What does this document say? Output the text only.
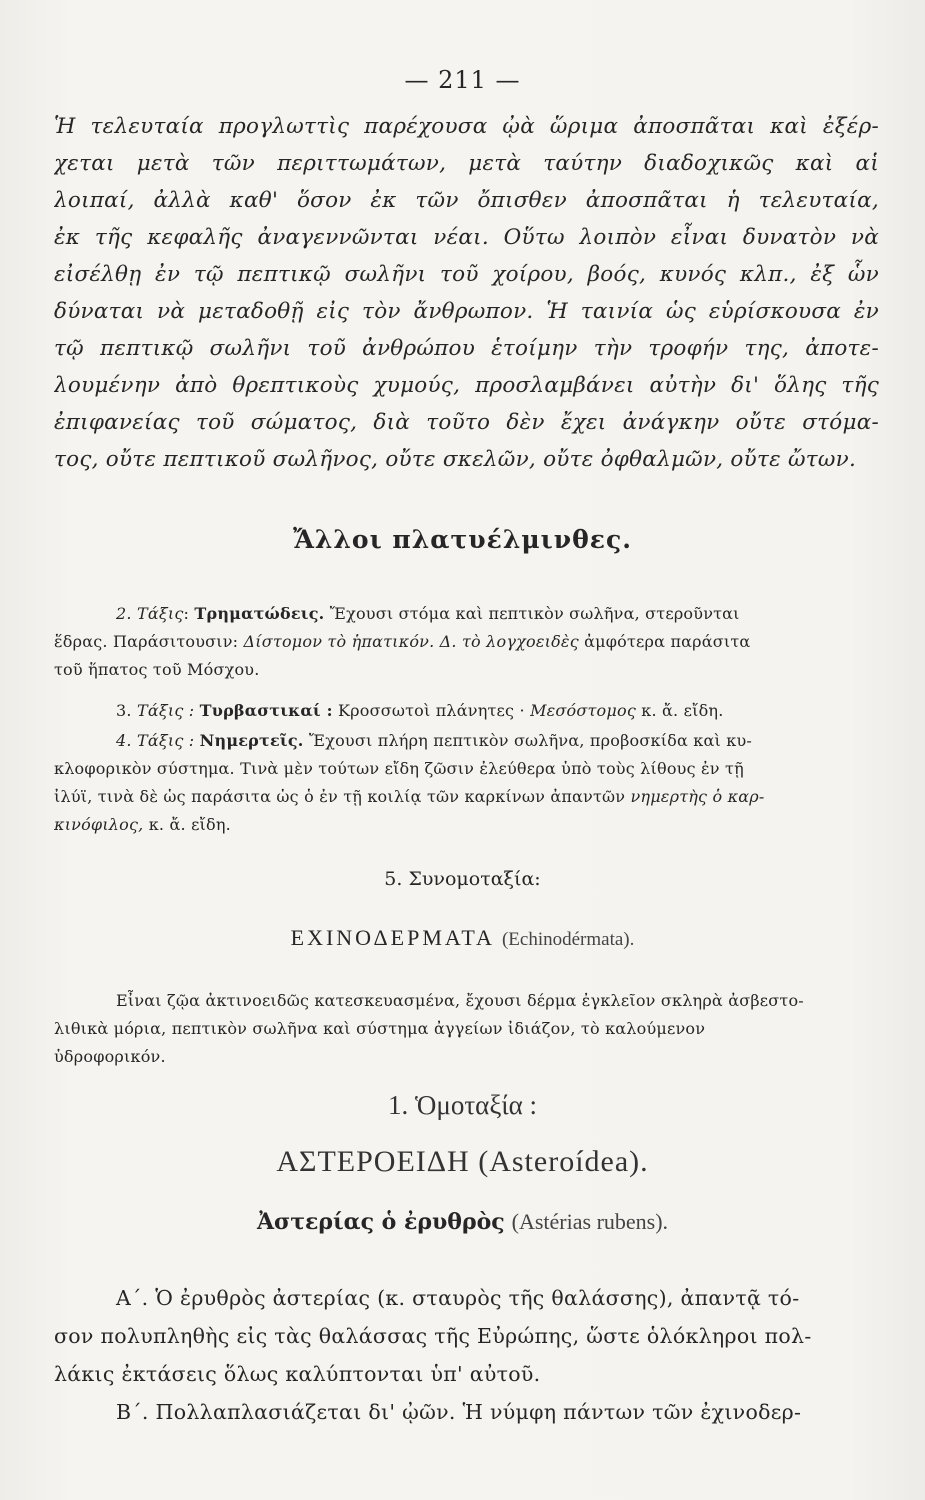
— 211 —
Ἡ τελευταία προγλωττὶς παρέχουσα ᾠὰ ὥριμα ἀποσπᾶται καὶ ἐξέρ-
χεται μετὰ τῶν περιττωμάτων, μετὰ ταύτην διαδοχικῶς καὶ αἱ
λοιπαί, ἀλλὰ καθ' ὅσον ἐκ τῶν ὄπισθεν ἀποσπᾶται ἡ τελευταία,
ἐκ τῆς κεφαλῆς ἀναγεννῶνται νέαι. Οὕτω λοιπὸν εἶναι δυνατὸν νὰ
εἰσέλθῃ ἐν τῷ πεπτικῷ σωλῆνι τοῦ χοίρου, βοός, κυνός κλπ., ἐξ ὧν
δύναται νὰ μεταδοθῇ εἰς τὸν ἄνθρωπον. Ἡ ταινία ὡς εὑρίσκουσα ἐν
τῷ πεπτικῷ σωλῆνι τοῦ ἀνθρώπου ἑτοίμην τὴν τροφήν της, ἀποτε-
λουμένην ἀπὸ θρεπτικοὺς χυμούς, προσλαμβάνει αὐτὴν δι' ὅλης τῆς
ἐπιφανείας τοῦ σώματος, διὰ τοῦτο δὲν ἔχει ἀνάγκην οὔτε στόμα-
τος, οὔτε πεπτικοῦ σωλῆνος, οὔτε σκελῶν, οὔτε ὀφθαλμῶν, οὔτε ὤτων.
Ἄλλοι πλατυέλμινθες.
2. Τάξις: Τρηματώδεις. Ἔχουσι στόμα καὶ πεπτικὸν σωλῆνα, στεροῦνται
ἕδρας. Παράσιτουσιν: Δίστομον τὸ ἡπατικόν. Δ. τὸ λογχοειδὲς ἀμφότερα παράσιτα
τοῦ ἥπατος τοῦ Μόσχου.
3. Τάξις : Τυρβαστικαί : Κροσσωτοὶ πλάνητες · Μεσόστομος κ. ἄ. εἴδη.
4. Τάξις : Νημερτεῖς. Ἔχουσι πλήρη πεπτικὸν σωλῆνα, προβοσκίδα καὶ κυ-
κλοφορικὸν σύστημα. Τινὰ μὲν τούτων εἴδη ζῶσιν ἐλεύθερα ὑπὸ τοὺς λίθους ἐν τῇ
ἰλύϊ, τινὰ δὲ ὡς παράσιτα ὡς ὁ ἐν τῇ κοιλίᾳ τῶν καρκίνων ἀπαντῶν νημερτὴς ὁ καρ-
κινόφιλος, κ. ἄ. εἴδη.
5. Συνομοταξία:
ΕΧΙΝΟΔΕΡΜΑΤΑ (Echinodérmata).
Εἶναι ζῷα ἀκτινοειδῶς κατεσκευασμένα, ἔχουσι δέρμα ἐγκλεῖον σκληρὰ ἀσβεστο-
λιθικὰ μόρια, πεπτικὸν σωλῆνα καὶ σύστημα ἀγγείων ἰδιάζον, τὸ καλούμενον
ὑδροφορικόν.
1. Ὁμοταξία :
ΑΣΤΕΡΟΕΙΔΗ (Asteroídea).
Ἀστερίας ὁ ἐρυθρὸς (Astérias rubens).
Α΄. Ὁ ἐρυθρὸς ἀστερίας (κ. σταυρὸς τῆς θαλάσσης), ἀπαντᾷ τό-
σον πολυπληθὴς εἰς τὰς θαλάσσας τῆς Εὐρώπης, ὥστε ὁλόκληροι πολ-
λάκις ἐκτάσεις ὅλως καλύπτονται ὑπ' αὐτοῦ.
Β΄. Πολλαπλασιάζεται δι' ᾠῶν. Ἡ νύμφη πάντων τῶν ἐχινοδερ-
